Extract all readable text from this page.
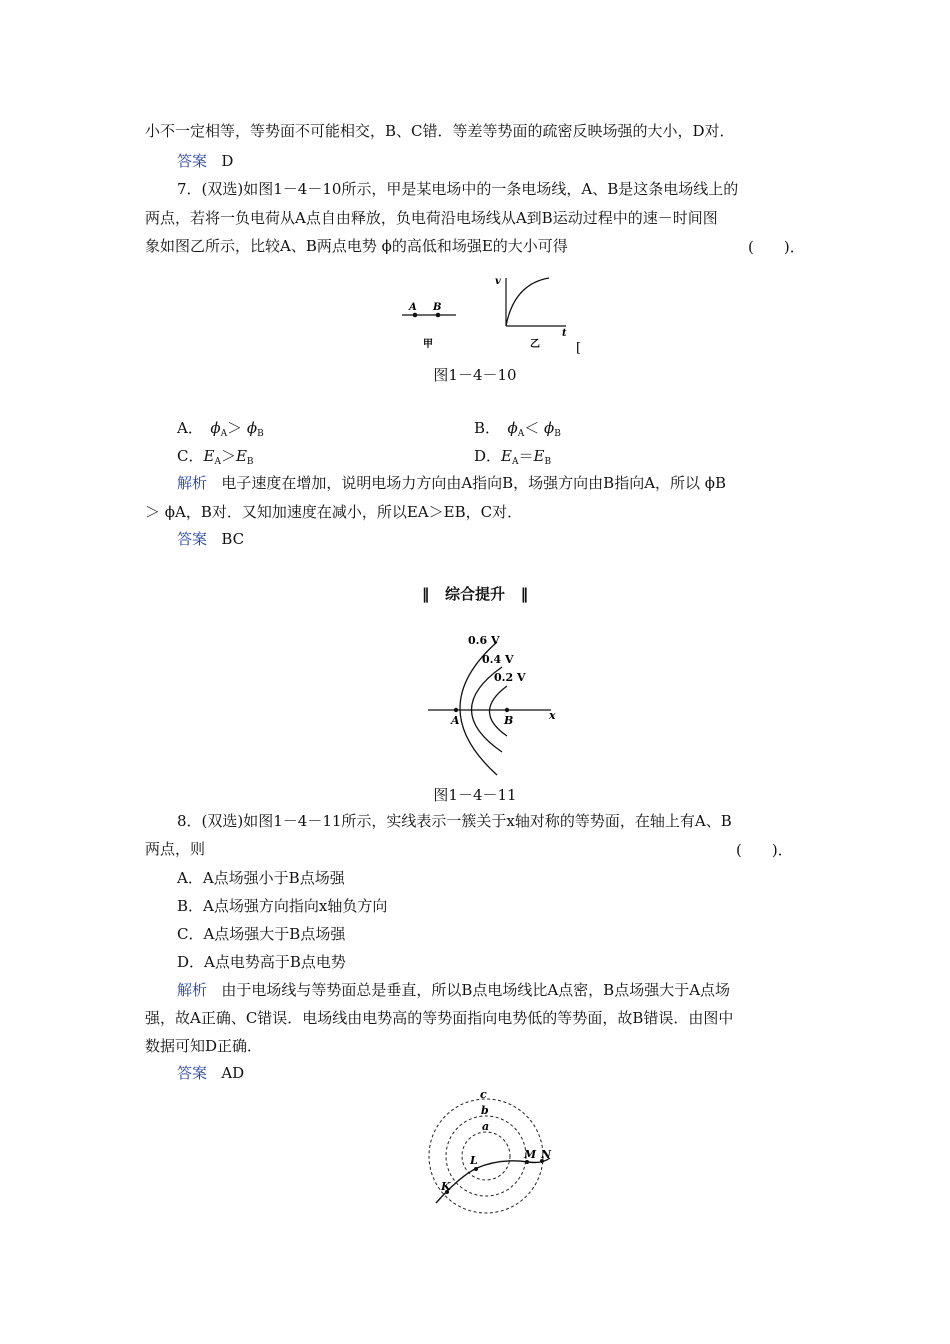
小不一定相等，等势面不可能相交，B、C错．等差等势面的疏密反映场强的大小，D对．
答案 D
7．(双选)如图1－4－10所示，甲是某电场中的一条电场线，A、B是这条电场线上的
两点，若将一负电荷从A点自由释放，负电荷沿电场线从A到B运动过程中的速－时间图
象如图乙所示，比较A、B两点电势 ϕ的高低和场强E的大小可得	(　　)．
A B
v
t
甲	乙	[
图1－4－10
A．　$\phi_A> \phi_B$	B．　$\phi_A< \phi_B$
C．$E_A>E_B$	D．$E_A=E_B$
解析 电子速度在增加，说明电场力方向由A指向B，场强方向由B指向A，所以 ϕB
＞ ϕA，B对．又知加速度在减小，所以EA＞EB，C对．
答案 BC
‖ 综合提升 ‖
0.6 V
0.4 V
0.2 V
A	B	x
图1－4－11
8．(双选)如图1－4－11所示，实线表示一簇关于x轴对称的等势面，在轴上有A、B
两点，则	(　　)．
A．A点场强小于B点场强
B．A点场强方向指向x轴负方向
C．A点场强大于B点场强
D．A点电势高于B点电势
解析 由于电场线与等势面总是垂直，所以B点电场线比A点密，B点场强大于A点场
强，故A正确、C错误．电场线由电势高的等势面指向电势低的等势面，故B错误．由图中
数据可知D正确．
答案 AD
c
b
a
L	M N
K
